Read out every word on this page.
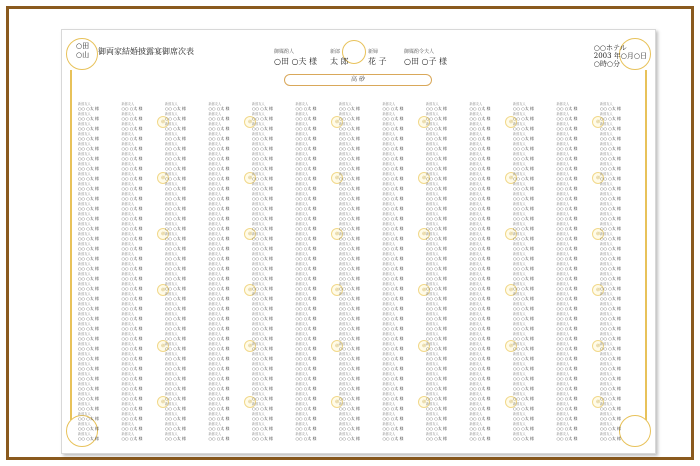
○田
○山 御両家結婚披露宴御席次表	御媒酌人
○田 ○夫 様
新郎
太 郎
新婦
花 子
御媒酌令夫人
○田 ○子 様
○○ホテル
2003 年○月○日
○時○分
高 砂
新郎友人
○○ ○太 様
新郎友人
○○ ○太 様
新郎友人
○○ ○太 様
新郎友人
○○ ○太 様
新郎友人
○○ ○太 様
新郎友人
○○ ○太 様
新郎友人
○○ ○太 様
新郎友人
○○ ○太 様
新郎友人
○○ ○太 様
新郎友人
○○ ○太 様
新郎友人
○○ ○太 様
新郎友人
○○ ○太 様
新郎友人
○○ ○太 様
新郎友人
○○ ○太 様
新郎友人
○○ ○太 様
新郎友人
○○ ○太 様
新郎友人
○○ ○太 様
新郎友人
○○ ○太 様
新郎友人
○○ ○太 様
新郎友人
○○ ○太 様
新郎友人
○○ ○太 様
新郎友人
○○ ○太 様
新郎友人
○○ ○太 様
新郎友人
○○ ○太 様
新郎友人
○○ ○太 様
新郎友人
○○ ○太 様
新郎友人
○○ ○太 様
新郎友人
○○ ○太 様
新郎友人
○○ ○太 様
新郎友人
○○ ○太 様
新郎友人
○○ ○太 様
新郎友人
○○ ○太 様
新郎友人
○○ ○太 様
新郎友人
○○ ○太 様
新郎友人
○○ ○太 様
新郎友人
○○ ○太 様
新郎友人
○○ ○太 様
新郎友人
○○ ○太 様
新郎友人
○○ ○太 様
新郎友人
○○ ○太 様
新郎友人
○○ ○太 様
新郎友人
○○ ○太 様
新郎友人
○○ ○太 様
新郎友人
○○ ○太 様
新郎友人
○○ ○太 様
新郎友人
○○ ○太 様
新郎友人
○○ ○太 様
新郎友人
○○ ○太 様
新郎友人
○○ ○太 様
新郎友人
○○ ○太 様
新郎友人
○○ ○太 様
新郎友人
○○ ○太 様
新郎友人
○○ ○太 様
新郎友人
○○ ○太 様
新郎友人
○○ ○太 様
新郎友人
○○ ○太 様
新郎友人
○○ ○太 様
新郎友人
○○ ○太 様
新郎友人
○○ ○太 様
新郎友人
○○ ○太 様
新郎友人
○○ ○太 様
新郎友人
○○ ○太 様
新郎友人
○○ ○太 様
新郎友人
○○ ○太 様
新郎友人
○○ ○太 様
新郎友人
○○ ○太 様
新郎友人
○○ ○太 様
新郎友人
○○ ○太 様
卓
卓
卓
卓
卓
卓
新郎友人
○○ ○太 様
新郎友人
○○ ○太 様
新郎友人
○○ ○太 様
新郎友人
○○ ○太 様
新郎友人
○○ ○太 様
新郎友人
○○ ○太 様
新郎友人
○○ ○太 様
新郎友人
○○ ○太 様
新郎友人
○○ ○太 様
新郎友人
○○ ○太 様
新郎友人
○○ ○太 様
新郎友人
○○ ○太 様
新郎友人
○○ ○太 様
新郎友人
○○ ○太 様
新郎友人
○○ ○太 様
新郎友人
○○ ○太 様
新郎友人
○○ ○太 様
新郎友人
○○ ○太 様
新郎友人
○○ ○太 様
新郎友人
○○ ○太 様
新郎友人
○○ ○太 様
新郎友人
○○ ○太 様
新郎友人
○○ ○太 様
新郎友人
○○ ○太 様
新郎友人
○○ ○太 様
新郎友人
○○ ○太 様
新郎友人
○○ ○太 様
新郎友人
○○ ○太 様
新郎友人
○○ ○太 様
新郎友人
○○ ○太 様
新郎友人
○○ ○太 様
新郎友人
○○ ○太 様
新郎友人
○○ ○太 様
新郎友人
○○ ○太 様
新郎友人
○○ ○太 様
新郎友人
○○ ○太 様
新郎友人
○○ ○太 様
新郎友人
○○ ○太 様
新郎友人
○○ ○太 様
新郎友人
○○ ○太 様
新郎友人
○○ ○太 様
新郎友人
○○ ○太 様
新郎友人
○○ ○太 様
新郎友人
○○ ○太 様
新郎友人
○○ ○太 様
新郎友人
○○ ○太 様
新郎友人
○○ ○太 様
新郎友人
○○ ○太 様
新郎友人
○○ ○太 様
新郎友人
○○ ○太 様
新郎友人
○○ ○太 様
新郎友人
○○ ○太 様
新郎友人
○○ ○太 様
新郎友人
○○ ○太 様
新郎友人
○○ ○太 様
新郎友人
○○ ○太 様
新郎友人
○○ ○太 様
新郎友人
○○ ○太 様
新郎友人
○○ ○太 様
新郎友人
○○ ○太 様
新郎友人
○○ ○太 様
新郎友人
○○ ○太 様
新郎友人
○○ ○太 様
新郎友人
○○ ○太 様
新郎友人
○○ ○太 様
新郎友人
○○ ○太 様
新郎友人
○○ ○太 様
新郎友人
○○ ○太 様
卓
卓
卓
卓
卓
卓
新郎友人
○○ ○太 様
新郎友人
○○ ○太 様
新郎友人
○○ ○太 様
新郎友人
○○ ○太 様
新郎友人
○○ ○太 様
新郎友人
○○ ○太 様
新郎友人
○○ ○太 様
新郎友人
○○ ○太 様
新郎友人
○○ ○太 様
新郎友人
○○ ○太 様
新郎友人
○○ ○太 様
新郎友人
○○ ○太 様
新郎友人
○○ ○太 様
新郎友人
○○ ○太 様
新郎友人
○○ ○太 様
新郎友人
○○ ○太 様
新郎友人
○○ ○太 様
新郎友人
○○ ○太 様
新郎友人
○○ ○太 様
新郎友人
○○ ○太 様
新郎友人
○○ ○太 様
新郎友人
○○ ○太 様
新郎友人
○○ ○太 様
新郎友人
○○ ○太 様
新郎友人
○○ ○太 様
新郎友人
○○ ○太 様
新郎友人
○○ ○太 様
新郎友人
○○ ○太 様
新郎友人
○○ ○太 様
新郎友人
○○ ○太 様
新郎友人
○○ ○太 様
新郎友人
○○ ○太 様
新郎友人
○○ ○太 様
新郎友人
○○ ○太 様
新郎友人
○○ ○太 様
新郎友人
○○ ○太 様
新郎友人
○○ ○太 様
新郎友人
○○ ○太 様
新郎友人
○○ ○太 様
新郎友人
○○ ○太 様
新郎友人
○○ ○太 様
新郎友人
○○ ○太 様
新郎友人
○○ ○太 様
新郎友人
○○ ○太 様
新郎友人
○○ ○太 様
新郎友人
○○ ○太 様
新郎友人
○○ ○太 様
新郎友人
○○ ○太 様
新郎友人
○○ ○太 様
新郎友人
○○ ○太 様
新郎友人
○○ ○太 様
新郎友人
○○ ○太 様
新郎友人
○○ ○太 様
新郎友人
○○ ○太 様
新郎友人
○○ ○太 様
新郎友人
○○ ○太 様
新郎友人
○○ ○太 様
新郎友人
○○ ○太 様
新郎友人
○○ ○太 様
新郎友人
○○ ○太 様
新郎友人
○○ ○太 様
新郎友人
○○ ○太 様
新郎友人
○○ ○太 様
新郎友人
○○ ○太 様
新郎友人
○○ ○太 様
新郎友人
○○ ○太 様
新郎友人
○○ ○太 様
新郎友人
○○ ○太 様
卓
卓
卓
卓
卓
卓
新郎友人
○○ ○太 様
新郎友人
○○ ○太 様
新郎友人
○○ ○太 様
新郎友人
○○ ○太 様
新郎友人
○○ ○太 様
新郎友人
○○ ○太 様
新郎友人
○○ ○太 様
新郎友人
○○ ○太 様
新郎友人
○○ ○太 様
新郎友人
○○ ○太 様
新郎友人
○○ ○太 様
新郎友人
○○ ○太 様
新郎友人
○○ ○太 様
新郎友人
○○ ○太 様
新郎友人
○○ ○太 様
新郎友人
○○ ○太 様
新郎友人
○○ ○太 様
新郎友人
○○ ○太 様
新郎友人
○○ ○太 様
新郎友人
○○ ○太 様
新郎友人
○○ ○太 様
新郎友人
○○ ○太 様
新郎友人
○○ ○太 様
新郎友人
○○ ○太 様
新郎友人
○○ ○太 様
新郎友人
○○ ○太 様
新郎友人
○○ ○太 様
新郎友人
○○ ○太 様
新郎友人
○○ ○太 様
新郎友人
○○ ○太 様
新郎友人
○○ ○太 様
新郎友人
○○ ○太 様
新郎友人
○○ ○太 様
新郎友人
○○ ○太 様
新郎友人
○○ ○太 様
新郎友人
○○ ○太 様
新郎友人
○○ ○太 様
新郎友人
○○ ○太 様
新郎友人
○○ ○太 様
新郎友人
○○ ○太 様
新郎友人
○○ ○太 様
新郎友人
○○ ○太 様
新郎友人
○○ ○太 様
新郎友人
○○ ○太 様
新郎友人
○○ ○太 様
新郎友人
○○ ○太 様
新郎友人
○○ ○太 様
新郎友人
○○ ○太 様
新郎友人
○○ ○太 様
新郎友人
○○ ○太 様
新郎友人
○○ ○太 様
新郎友人
○○ ○太 様
新郎友人
○○ ○太 様
新郎友人
○○ ○太 様
新郎友人
○○ ○太 様
新郎友人
○○ ○太 様
新郎友人
○○ ○太 様
新郎友人
○○ ○太 様
新郎友人
○○ ○太 様
新郎友人
○○ ○太 様
新郎友人
○○ ○太 様
新郎友人
○○ ○太 様
新郎友人
○○ ○太 様
新郎友人
○○ ○太 様
新郎友人
○○ ○太 様
新郎友人
○○ ○太 様
新郎友人
○○ ○太 様
新郎友人
○○ ○太 様
卓
卓
卓
卓
卓
卓
新郎友人
○○ ○太 様
新郎友人
○○ ○太 様
新郎友人
○○ ○太 様
新郎友人
○○ ○太 様
新郎友人
○○ ○太 様
新郎友人
○○ ○太 様
新郎友人
○○ ○太 様
新郎友人
○○ ○太 様
新郎友人
○○ ○太 様
新郎友人
○○ ○太 様
新郎友人
○○ ○太 様
新郎友人
○○ ○太 様
新郎友人
○○ ○太 様
新郎友人
○○ ○太 様
新郎友人
○○ ○太 様
新郎友人
○○ ○太 様
新郎友人
○○ ○太 様
新郎友人
○○ ○太 様
新郎友人
○○ ○太 様
新郎友人
○○ ○太 様
新郎友人
○○ ○太 様
新郎友人
○○ ○太 様
新郎友人
○○ ○太 様
新郎友人
○○ ○太 様
新郎友人
○○ ○太 様
新郎友人
○○ ○太 様
新郎友人
○○ ○太 様
新郎友人
○○ ○太 様
新郎友人
○○ ○太 様
新郎友人
○○ ○太 様
新郎友人
○○ ○太 様
新郎友人
○○ ○太 様
新郎友人
○○ ○太 様
新郎友人
○○ ○太 様
新郎友人
○○ ○太 様
新郎友人
○○ ○太 様
新郎友人
○○ ○太 様
新郎友人
○○ ○太 様
新郎友人
○○ ○太 様
新郎友人
○○ ○太 様
新郎友人
○○ ○太 様
新郎友人
○○ ○太 様
新郎友人
○○ ○太 様
新郎友人
○○ ○太 様
新郎友人
○○ ○太 様
新郎友人
○○ ○太 様
新郎友人
○○ ○太 様
新郎友人
○○ ○太 様
新郎友人
○○ ○太 様
新郎友人
○○ ○太 様
新郎友人
○○ ○太 様
新郎友人
○○ ○太 様
新郎友人
○○ ○太 様
新郎友人
○○ ○太 様
新郎友人
○○ ○太 様
新郎友人
○○ ○太 様
新郎友人
○○ ○太 様
新郎友人
○○ ○太 様
新郎友人
○○ ○太 様
新郎友人
○○ ○太 様
新郎友人
○○ ○太 様
新郎友人
○○ ○太 様
新郎友人
○○ ○太 様
新郎友人
○○ ○太 様
新郎友人
○○ ○太 様
新郎友人
○○ ○太 様
新郎友人
○○ ○太 様
新郎友人
○○ ○太 様
卓
卓
卓
卓
卓
卓
新郎友人
○○ ○太 様
新郎友人
○○ ○太 様
新郎友人
○○ ○太 様
新郎友人
○○ ○太 様
新郎友人
○○ ○太 様
新郎友人
○○ ○太 様
新郎友人
○○ ○太 様
新郎友人
○○ ○太 様
新郎友人
○○ ○太 様
新郎友人
○○ ○太 様
新郎友人
○○ ○太 様
新郎友人
○○ ○太 様
新郎友人
○○ ○太 様
新郎友人
○○ ○太 様
新郎友人
○○ ○太 様
新郎友人
○○ ○太 様
新郎友人
○○ ○太 様
新郎友人
○○ ○太 様
新郎友人
○○ ○太 様
新郎友人
○○ ○太 様
新郎友人
○○ ○太 様
新郎友人
○○ ○太 様
新郎友人
○○ ○太 様
新郎友人
○○ ○太 様
新郎友人
○○ ○太 様
新郎友人
○○ ○太 様
新郎友人
○○ ○太 様
新郎友人
○○ ○太 様
新郎友人
○○ ○太 様
新郎友人
○○ ○太 様
新郎友人
○○ ○太 様
新郎友人
○○ ○太 様
新郎友人
○○ ○太 様
新郎友人
○○ ○太 様
新郎友人
○○ ○太 様
新郎友人
○○ ○太 様
新郎友人
○○ ○太 様
新郎友人
○○ ○太 様
新郎友人
○○ ○太 様
新郎友人
○○ ○太 様
新郎友人
○○ ○太 様
新郎友人
○○ ○太 様
新郎友人
○○ ○太 様
新郎友人
○○ ○太 様
新郎友人
○○ ○太 様
新郎友人
○○ ○太 様
新郎友人
○○ ○太 様
新郎友人
○○ ○太 様
新郎友人
○○ ○太 様
新郎友人
○○ ○太 様
新郎友人
○○ ○太 様
新郎友人
○○ ○太 様
新郎友人
○○ ○太 様
新郎友人
○○ ○太 様
新郎友人
○○ ○太 様
新郎友人
○○ ○太 様
新郎友人
○○ ○太 様
新郎友人
○○ ○太 様
新郎友人
○○ ○太 様
新郎友人
○○ ○太 様
新郎友人
○○ ○太 様
新郎友人
○○ ○太 様
新郎友人
○○ ○太 様
新郎友人
○○ ○太 様
新郎友人
○○ ○太 様
新郎友人
○○ ○太 様
新郎友人
○○ ○太 様
新郎友人
○○ ○太 様
卓
卓
卓
卓
卓
卓
新郎友人
○○ ○太 様
新郎友人
○○ ○太 様
新郎友人
○○ ○太 様
新郎友人
○○ ○太 様
新郎友人
○○ ○太 様
新郎友人
○○ ○太 様
新郎友人
○○ ○太 様
新郎友人
○○ ○太 様
新郎友人
○○ ○太 様
新郎友人
○○ ○太 様
新郎友人
○○ ○太 様
新郎友人
○○ ○太 様
新郎友人
○○ ○太 様
新郎友人
○○ ○太 様
新郎友人
○○ ○太 様
新郎友人
○○ ○太 様
新郎友人
○○ ○太 様
新郎友人
○○ ○太 様
新郎友人
○○ ○太 様
新郎友人
○○ ○太 様
新郎友人
○○ ○太 様
新郎友人
○○ ○太 様
新郎友人
○○ ○太 様
新郎友人
○○ ○太 様
新郎友人
○○ ○太 様
新郎友人
○○ ○太 様
新郎友人
○○ ○太 様
新郎友人
○○ ○太 様
新郎友人
○○ ○太 様
新郎友人
○○ ○太 様
新郎友人
○○ ○太 様
新郎友人
○○ ○太 様
新郎友人
○○ ○太 様
新郎友人
○○ ○太 様
